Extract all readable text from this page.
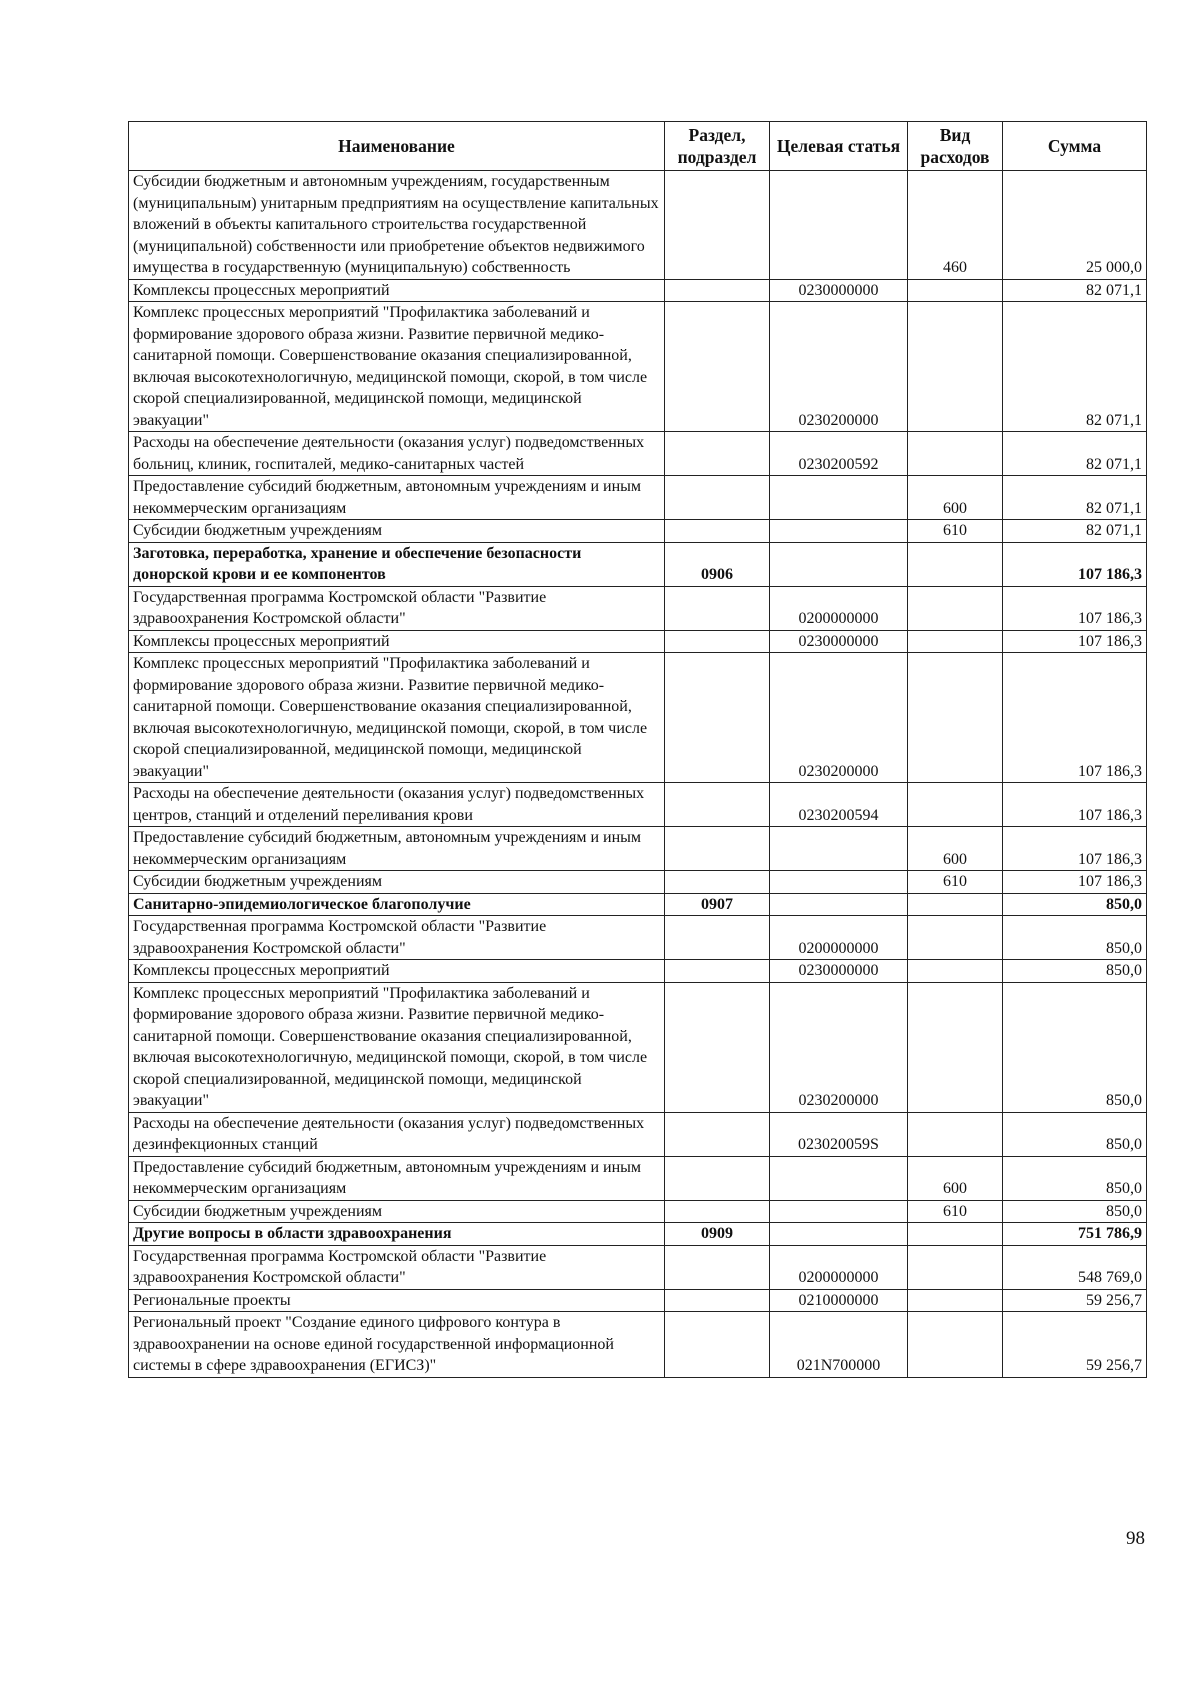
Наименование	Раздел, подраздел	Целевая статья	Вид расходов	Сумма
Субсидии бюджетным и автономным учреждениям, государственным (муниципальным) унитарным предприятиям на осуществление капитальных вложений в объекты капитального строительства государственной (муниципальной) собственности или приобретение объектов недвижимого имущества в государственную (муниципальную) собственность			460	25 000,0
Комплексы процессных мероприятий		0230000000		82 071,1
Комплекс процессных мероприятий "Профилактика заболеваний и формирование здорового образа жизни. Развитие первичной медико-санитарной помощи. Совершенствование оказания специализированной, включая высокотехнологичную, медицинской помощи, скорой, в том числе скорой специализированной, медицинской помощи, медицинской эвакуации"		0230200000		82 071,1
Расходы на обеспечение деятельности (оказания услуг) подведомственных больниц, клиник, госпиталей, медико-санитарных частей		0230200592		82 071,1
Предоставление субсидий бюджетным, автономным учреждениям и иным некоммерческим организациям			600	82 071,1
Субсидии бюджетным учреждениям			610	82 071,1
Заготовка, переработка, хранение и обеспечение безопасности донорской крови и ее компонентов	0906			107 186,3
Государственная программа Костромской области "Развитие здравоохранения Костромской области"		0200000000		107 186,3
Комплексы процессных мероприятий		0230000000		107 186,3
Комплекс процессных мероприятий "Профилактика заболеваний и формирование здорового образа жизни. Развитие первичной медико-санитарной помощи. Совершенствование оказания специализированной, включая высокотехнологичную, медицинской помощи, скорой, в том числе скорой специализированной, медицинской помощи, медицинской эвакуации"		0230200000		107 186,3
Расходы на обеспечение деятельности (оказания услуг) подведомственных центров, станций и отделений переливания крови		0230200594		107 186,3
Предоставление субсидий бюджетным, автономным учреждениям и иным некоммерческим организациям			600	107 186,3
Субсидии бюджетным учреждениям			610	107 186,3
Санитарно-эпидемиологическое благополучие	0907			850,0
Государственная программа Костромской области "Развитие здравоохранения Костромской области"		0200000000		850,0
Комплексы процессных мероприятий		0230000000		850,0
Комплекс процессных мероприятий "Профилактика заболеваний и формирование здорового образа жизни. Развитие первичной медико-санитарной помощи. Совершенствование оказания специализированной, включая высокотехнологичную, медицинской помощи, скорой, в том числе скорой специализированной, медицинской помощи, медицинской эвакуации"		0230200000		850,0
Расходы на обеспечение деятельности (оказания услуг) подведомственных дезинфекционных станций		023020059S		850,0
Предоставление субсидий бюджетным, автономным учреждениям и иным некоммерческим организациям			600	850,0
Субсидии бюджетным учреждениям			610	850,0
Другие вопросы в области здравоохранения	0909			751 786,9
Государственная программа Костромской области "Развитие здравоохранения Костромской области"		0200000000		548 769,0
Региональные проекты		0210000000		59 256,7
Региональный проект "Создание единого цифрового контура в здравоохранении на основе единой государственной информационной системы в сфере здравоохранения (ЕГИСЗ)"		021N700000		59 256,7
98
